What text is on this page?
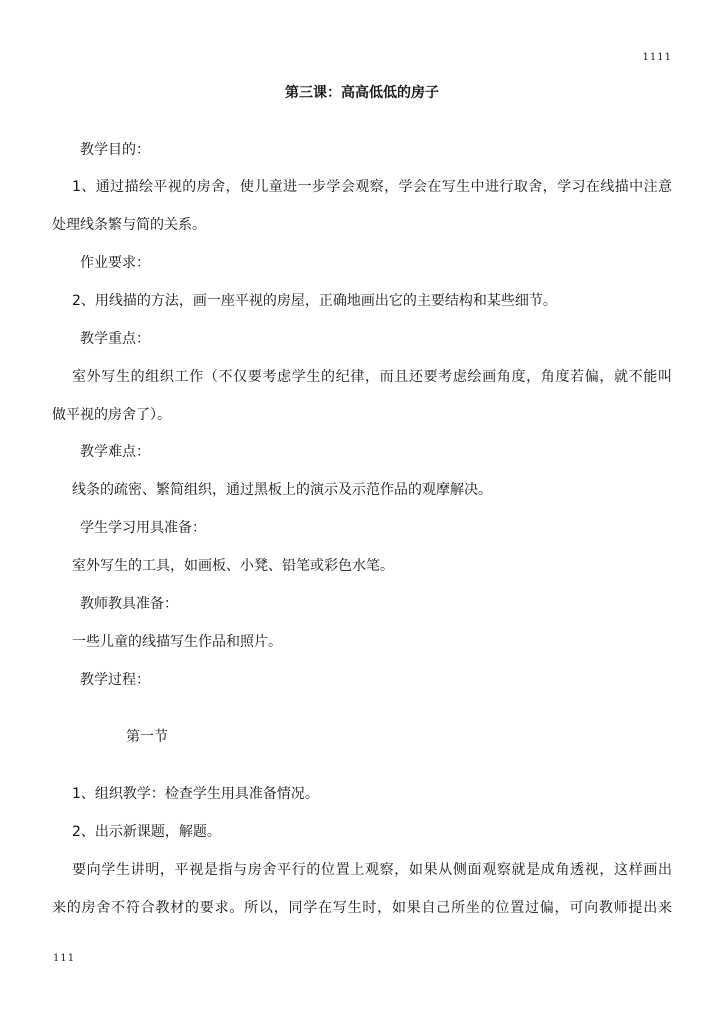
1111
第三课：高高低低的房子
教学目的：
1、通过描绘平视的房舍，使儿童进一步学会观察，学会在写生中进行取舍，学习在线描中注意
处理线条繁与简的关系。
作业要求：
2、用线描的方法，画一座平视的房屋，正确地画出它的主要结构和某些细节。
教学重点：
室外写生的组织工作（不仅要考虑学生的纪律，而且还要考虑绘画角度，角度若偏，就不能叫
做平视的房舍了）。
教学难点：
线条的疏密、繁简组织，通过黑板上的演示及示范作品的观摩解决。
学生学习用具准备：
室外写生的工具，如画板、小凳、铅笔或彩色水笔。
教师教具准备：
一些儿童的线描写生作品和照片。
教学过程：
第一节
1、组织教学：检查学生用具准备情况。
2、出示新课题，解题。
要向学生讲明，平视是指与房舍平行的位置上观察，如果从侧面观察就是成角透视，这样画出
来的房舍不符合教材的要求。所以，同学在写生时，如果自己所坐的位置过偏，可向教师提出来
111
